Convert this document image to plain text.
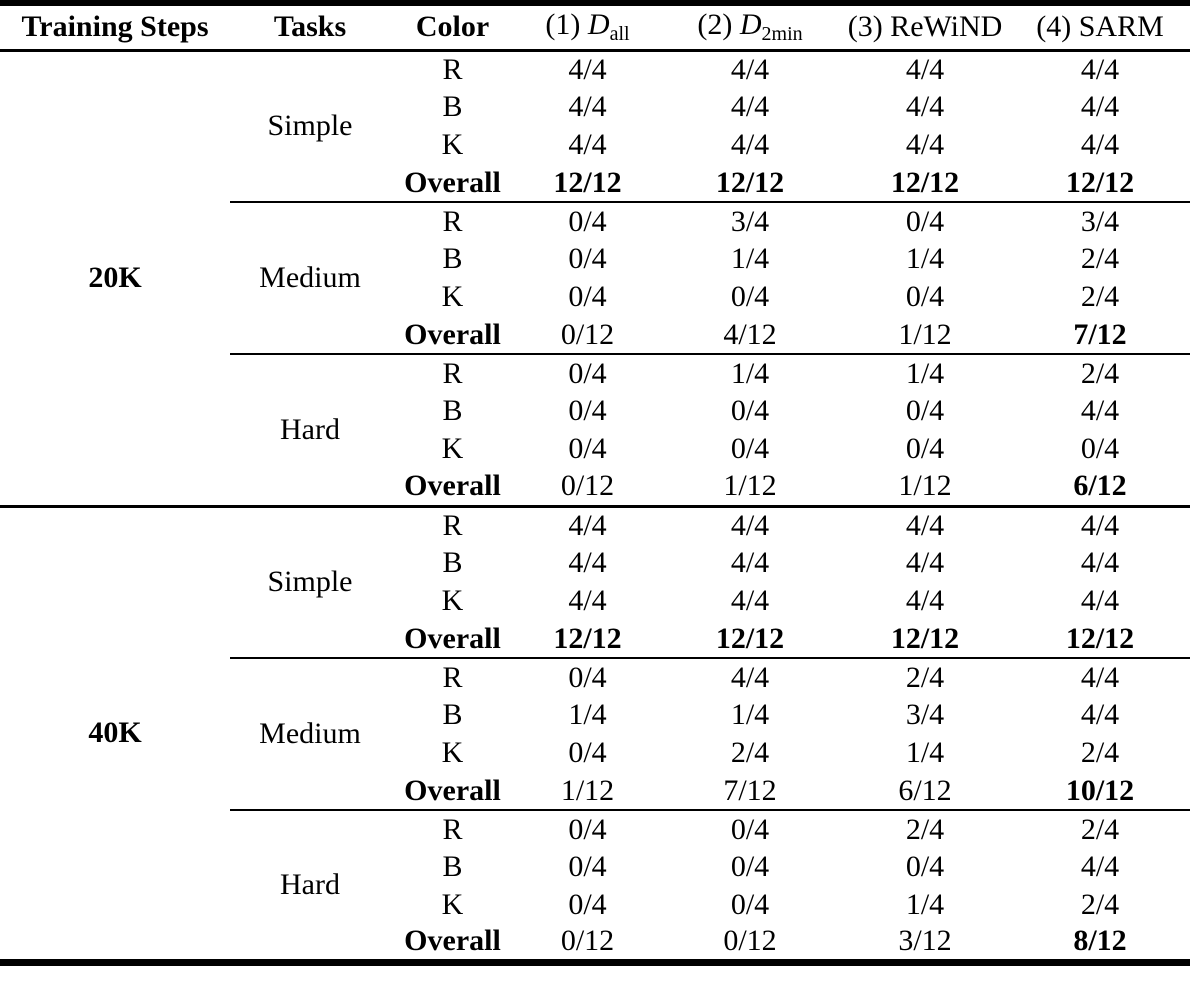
Training Steps	Tasks	Color	(1) $D_{all}$	(2) $D_{2min}$	(3) ReWiND	(4) SARM
20K	Simple	R	4/4	4/4	4/4	4/4
		B	4/4	4/4	4/4	4/4
		K	4/4	4/4	4/4	4/4
		Overall	12/12	12/12	12/12	12/12
	Medium	R	0/4	3/4	0/4	3/4
		B	0/4	1/4	1/4	2/4
		K	0/4	0/4	0/4	2/4
		Overall	0/12	4/12	1/12	7/12
	Hard	R	0/4	1/4	1/4	2/4
		B	0/4	0/4	0/4	4/4
		K	0/4	0/4	0/4	0/4
		Overall	0/12	1/12	1/12	6/12
40K	Simple	R	4/4	4/4	4/4	4/4
		B	4/4	4/4	4/4	4/4
		K	4/4	4/4	4/4	4/4
		Overall	12/12	12/12	12/12	12/12
	Medium	R	0/4	4/4	2/4	4/4
		B	1/4	1/4	3/4	4/4
		K	0/4	2/4	1/4	2/4
		Overall	1/12	7/12	6/12	10/12
	Hard	R	0/4	0/4	2/4	2/4
		B	0/4	0/4	0/4	4/4
		K	0/4	0/4	1/4	2/4
		Overall	0/12	0/12	3/12	8/12
